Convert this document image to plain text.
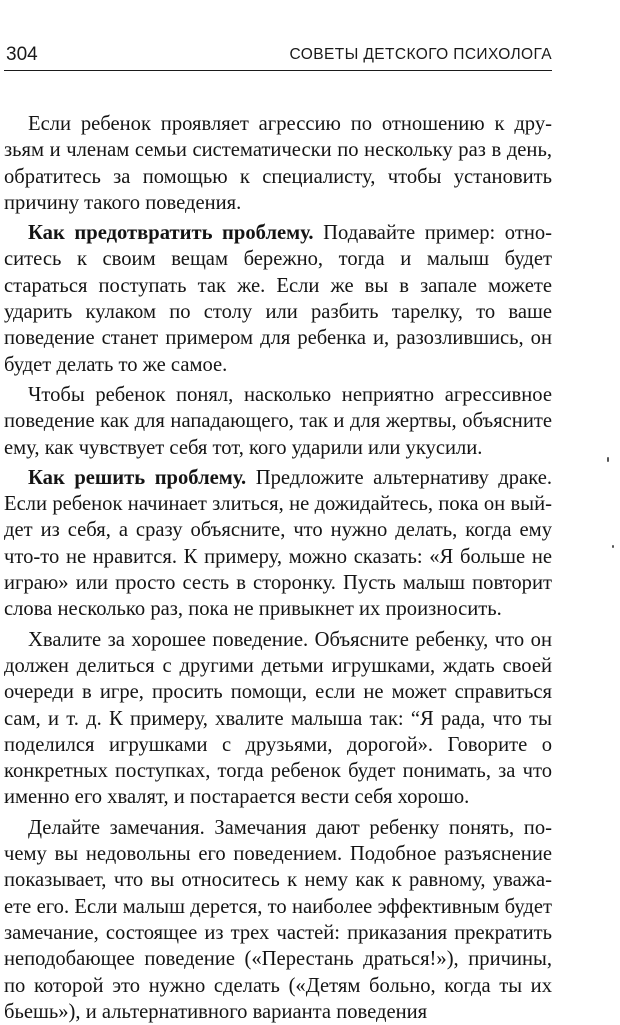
304	СОВЕТЫ ДЕТСКОГО ПСИХОЛОГА

Если ребенок проявляет агрессию по отношению к друзьям и членам семьи систематически по нескольку раз в день, обратитесь за помощью к специалисту, чтобы установить причину такого поведения.

Как предотвратить проблему. Подавайте пример: относитесь к своим вещам бережно, тогда и малыш будет стараться поступать так же. Если же вы в запале можете ударить кулаком по столу или разбить тарелку, то ваше поведение станет примером для ребенка и, разозлившись, он будет делать то же самое.

Чтобы ребенок понял, насколько неприятно агрессивное поведение как для нападающего, так и для жертвы, объясните ему, как чувствует себя тот, кого ударили или укусили.

Как решить проблему. Предложите альтернативу драке. Если ребенок начинает злиться, не дожидайтесь, пока он выйдет из себя, а сразу объясните, что нужно делать, когда ему что-то не нравится. К примеру, можно сказать: «Я больше не играю» или просто сесть в сторонку. Пусть малыш повторит слова несколько раз, пока не привыкнет их произносить.

Хвалите за хорошее поведение. Объясните ребенку, что он должен делиться с другими детьми игрушками, ждать своей очереди в игре, просить помощи, если не может справиться сам, и т. д. К примеру, хвалите малыша так: “Я рада, что ты поделился игрушками с друзьями, дорогой». Говорите о конкретных поступках, тогда ребенок будет понимать, за что именно его хвалят, и постарается вести себя хорошо.

Делайте замечания. Замечания дают ребенку понять, почему вы недовольны его поведением. Подобное разъяснение показывает, что вы относитесь к нему как к равному, уважаете его. Если малыш дерется, то наиболее эффективным будет замечание, состоящее из трех частей: приказания прекратить неподобающее поведение («Перестань драться!»), причины, по которой это нужно сделать («Детям больно, когда ты их бьешь»), и альтернативного варианта поведения
